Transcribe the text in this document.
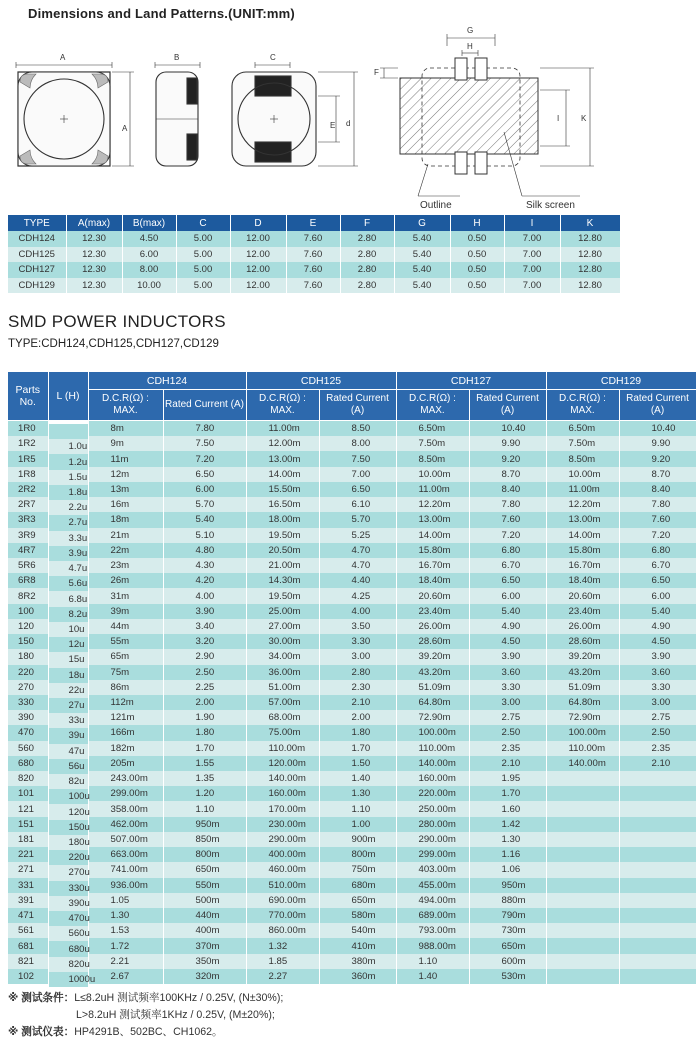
Dimensions and Land Patterns.(UNIT:mm)
A
A
B	C
E d
G
H
F
I	K
Outline	Silk screen
TYPE	A(max)	B(max)	C	D	E	F	G	H	I	K
CDH124	12.30	4.50	5.00	12.00	7.60	2.80	5.40	0.50	7.00	12.80
CDH125	12.30	6.00	5.00	12.00	7.60	2.80	5.40	0.50	7.00	12.80
CDH127	12.30	8.00	5.00	12.00	7.60	2.80	5.40	0.50	7.00	12.80
CDH129	12.30	10.00	5.00	12.00	7.60	2.80	5.40	0.50	7.00	12.80
SMD POWER INDUCTORS
TYPE:CDH124,CDH125,CDH127,CD129
Parts No.	L (H)	CDH124		CDH125		CDH127		CDH129	
		D.C.R(Ω) : MAX.	Rated Current (A)	D.C.R(Ω) : MAX.	Rated Current (A)	D.C.R(Ω) : MAX.	Rated Current (A)	D.C.R(Ω) : MAX.	Rated Current (A)
1R0		8m	7.80	11.00m	8.50	6.50m	10.40	6.50m	10.40
1R2	1.0u	9m	7.50	12.00m	8.00	7.50m	9.90	7.50m	9.90
1R5	1.2u	11m	7.20	13.00m	7.50	8.50m	9.20	8.50m	9.20
1R8	1.5u	12m	6.50	14.00m	7.00	10.00m	8.70	10.00m	8.70
2R2	1.8u	13m	6.00	15.50m	6.50	11.00m	8.40	11.00m	8.40
2R7	2.2u	16m	5.70	16.50m	6.10	12.20m	7.80	12.20m	7.80
3R3	2.7u	18m	5.40	18.00m	5.70	13.00m	7.60	13.00m	7.60
3R9	3.3u	21m	5.10	19.50m	5.25	14.00m	7.20	14.00m	7.20
4R7	3.9u	22m	4.80	20.50m	4.70	15.80m	6.80	15.80m	6.80
5R6	4.7u	23m	4.30	21.00m	4.70	16.70m	6.70	16.70m	6.70
6R8	5.6u	26m	4.20	14.30m	4.40	18.40m	6.50	18.40m	6.50
8R2	6.8u	31m	4.00	19.50m	4.25	20.60m	6.00	20.60m	6.00
100	8.2u	39m	3.90	25.00m	4.00	23.40m	5.40	23.40m	5.40
120	10u	44m	3.40	27.00m	3.50	26.00m	4.90	26.00m	4.90
150	12u	55m	3.20	30.00m	3.30	28.60m	4.50	28.60m	4.50
180	15u	65m	2.90	34.00m	3.00	39.20m	3.90	39.20m	3.90
220	18u	75m	2.50	36.00m	2.80	43.20m	3.60	43.20m	3.60
270	22u	86m	2.25	51.00m	2.30	51.09m	3.30	51.09m	3.30
330	27u	112m	2.00	57.00m	2.10	64.80m	3.00	64.80m	3.00
390	33u	121m	1.90	68.00m	2.00	72.90m	2.75	72.90m	2.75
470	39u	166m	1.80	75.00m	1.80	100.00m	2.50	100.00m	2.50
560	47u	182m	1.70	110.00m	1.70	110.00m	2.35	110.00m	2.35
680	56u	205m	1.55	120.00m	1.50	140.00m	2.10	140.00m	2.10
820	82u	243.00m	1.35	140.00m	1.40	160.00m	1.95		
101	100u	299.00m	1.20	160.00m	1.30	220.00m	1.70		
121	120u	358.00m	1.10	170.00m	1.10	250.00m	1.60		
151	150u	462.00m	950m	230.00m	1.00	280.00m	1.42		
181	180u	507.00m	850m	290.00m	900m	290.00m	1.30		
221	220u	663.00m	800m	400.00m	800m	299.00m	1.16		
271	270u	741.00m	650m	460.00m	750m	403.00m	1.06		
331	330u	936.00m	550m	510.00m	680m	455.00m	950m		
391	390u	1.05	500m	690.00m	650m	494.00m	880m		
471	470u	1.30	440m	770.00m	580m	689.00m	790m		
561	560u	1.53	400m	860.00m	540m	793.00m	730m		
681	680u	1.72	370m	1.32	410m	988.00m	650m		
821	820u	2.21	350m	1.85	380m	1.10	600m		
102	1000u	2.67	320m	2.27	360m	1.40	530m		
※ 测试条件：L≤8.2uH 测试频率100KHz / 0.25V, (N±30%);
L>8.2uH 测试频率1KHz / 0.25V, (M±20%);
※ 测试仪表：HP4291B、502BC、CH1062。
